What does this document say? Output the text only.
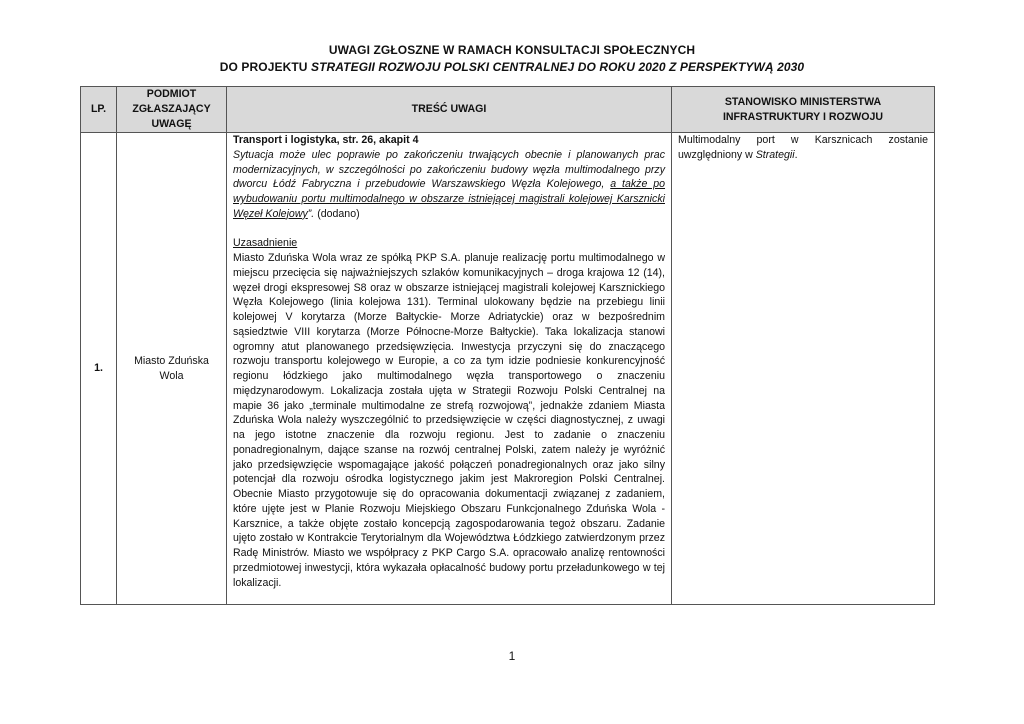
UWAGI ZGŁOSZNE W RAMACH KONSULTACJI SPOŁECZNYCH
DO PROJEKTU STRATEGII ROZWOJU POLSKI CENTRALNEJ DO ROKU 2020 Z PERSPEKTYWĄ 2030
LP.	PODMIOT ZGŁASZAJĄCY UWAGĘ	TREŚĆ UWAGI	STANOWISKO MINISTERSTWA INFRASTRUKTURY I ROZWOJU
1.	Miasto Zduńska Wola	Transport i logistyka, str. 26, akapit 4
Sytuacja może ulec poprawie po zakończeniu trwających obecnie i planowanych prac modernizacyjnych, w szczególności po zakończeniu budowy węzła multimodalnego przy dworcu Łódź Fabryczna i przebudowie Warszawskiego Węzła Kolejowego, a także po wybudowaniu portu multimodalnego w obszarze istniejącej magistrali kolejowej Karsznicki Węzeł Kolejowy”. (dodano)
Uzasadnienie
Miasto Zduńska Wola wraz ze spółką PKP S.A. planuje realizację portu multimodalnego w miejscu przecięcia się najważniejszych szlaków komunikacyjnych – droga krajowa 12 (14), węzeł drogi ekspresowej S8 oraz w obszarze istniejącej magistrali kolejowej Karsznickiego Węzła Kolejowego (linia kolejowa 131). Terminal ulokowany będzie na przebiegu linii kolejowej V korytarza (Morze Bałtyckie- Morze Adriatyckie) oraz w bezpośrednim sąsiedztwie VIII korytarza (Morze Północne-Morze Bałtyckie). Taka lokalizacja stanowi ogromny atut planowanego przedsięwzięcia. Inwestycja przyczyni się do znaczącego rozwoju transportu kolejowego w Europie, a co za tym idzie podniesie konkurencyjność regionu łódzkiego jako multimodalnego węzła transportowego o znaczeniu międzynarodowym. Lokalizacja została ujęta w Strategii Rozwoju Polski Centralnej na mapie 36 jako „terminale multimodalne ze strefą rozwojową”, jednakże zdaniem Miasta Zduńska Wola należy wyszczególnić to przedsięwzięcie w części diagnostycznej, z uwagi na jego istotne znaczenie dla rozwoju regionu. Jest to zadanie o znaczeniu ponadregionalnym, dające szanse na rozwój centralnej Polski, zatem należy je wyróżnić jako przedsięwzięcie wspomagające jakość połączeń ponadregionalnych oraz jako silny potencjał dla rozwoju ośrodka logistycznego jakim jest Makroregion Polski Centralnej. Obecnie Miasto przygotowuje się do opracowania dokumentacji związanej z zadaniem, które ujęte jest w Planie Rozwoju Miejskiego Obszaru Funkcjonalnego Zduńska Wola - Karsznice, a także objęte zostało koncepcją zagospodarowania tegoż obszaru. Zadanie ujęto zostało w Kontrakcie Terytorialnym dla Województwa Łódzkiego zatwierdzonym przez Radę Ministrów. Miasto we współpracy z PKP Cargo S.A. opracowało analizę rentowności przedmiotowej inwestycji, która wykazała opłacalność budowy portu przeładunkowego w tej lokalizacji.	Multimodalny port w Karsznicach zostanie uwzględniony w Strategii.
1
